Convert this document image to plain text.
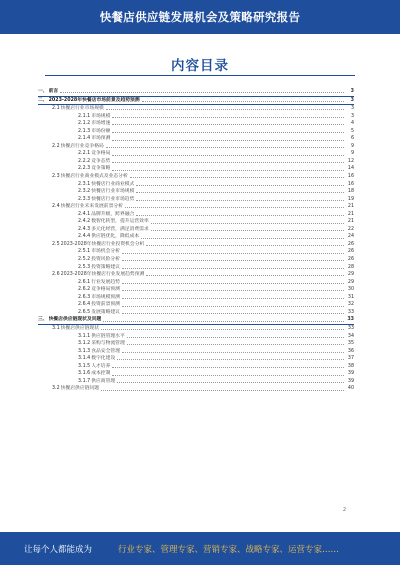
快餐店供应链发展机会及策略研究报告
内容目录
一、
  前言	3
二、
  2023-2028年快餐店市场前景及趋势预测	3
2.1
  快餐店行业市场规模	3
2.1.1
  市场规模	3
2.1.2
  市场增速	4
2.1.3
  市场份额	5
2.1.4
  市场预测	6
2.2
  快餐店行业竞争格局	9
2.2.1
  竞争格局	9
2.2.2
  竞争态势	12
2.2.3
  竞争策略	14
2.3
  快餐店行业商业模式及业态分析	16
2.3.1
  快餐店行业商业模式	16
2.3.2
  快餐店行业市场规模	18
2.3.3
  快餐店行业市场趋势	19
2.4
  快餐店行业未来发展前景分析	21
2.4.1
  品牌升级，跨界融合	21
2.4.2
  数智化转型，提升运营效率	21
2.4.3
  多元化经营，满足消费需求	22
2.4.4
  供应链优化，降低成本	24
2.5
  2023-2028年快餐店行业投资机会分析	26
2.5.1
  市场机会分析	26
2.5.2
  投资风险分析	26
2.5.3
  投资策略建议	28
2.6
  2023-2028年快餐店行业发展趋势预测	29
2.6.1
  行业发展趋势	29
2.6.2
  竞争格局预测	30
2.6.3
  市场规模预测	31
2.6.4
  投资前景预测	32
2.6.5
  发展策略建议	33
三、
  快餐店供应链现状及问题	33
3.1
  快餐店供应链现状	33
3.1.1
  供应链管理水平	34
3.1.2
  采购与物流管理	35
3.1.3
  食品安全管理	36
3.1.4
  数字化建设	37
3.1.5
  人才培养	38
3.1.6
  成本控制	39
3.1.7
  供应商管理	39
3.2
  快餐店供应链问题	40
2
让每个人都能成为	行业专家、管理专家、营销专家、战略专家、运营专家……
